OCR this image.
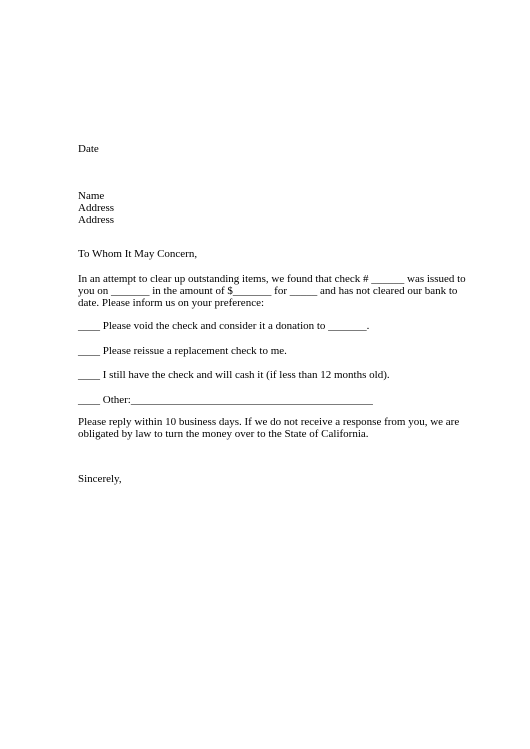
Date
Name
Address
Address
To Whom It May Concern,
In an attempt to clear up outstanding items, we found that check # ______ was issued to
you on _______ in the amount of $_______ for _____ and has not cleared our bank to
date. Please inform us on your preference:
____ Please void the check and consider it a donation to _______.
____ Please reissue a replacement check to me.
____ I still have the check and will cash it (if less than 12 months old).
____ Other:____________________________________________
Please reply within 10 business days. If we do not receive a response from you, we are
obligated by law to turn the money over to the State of California.
Sincerely,
